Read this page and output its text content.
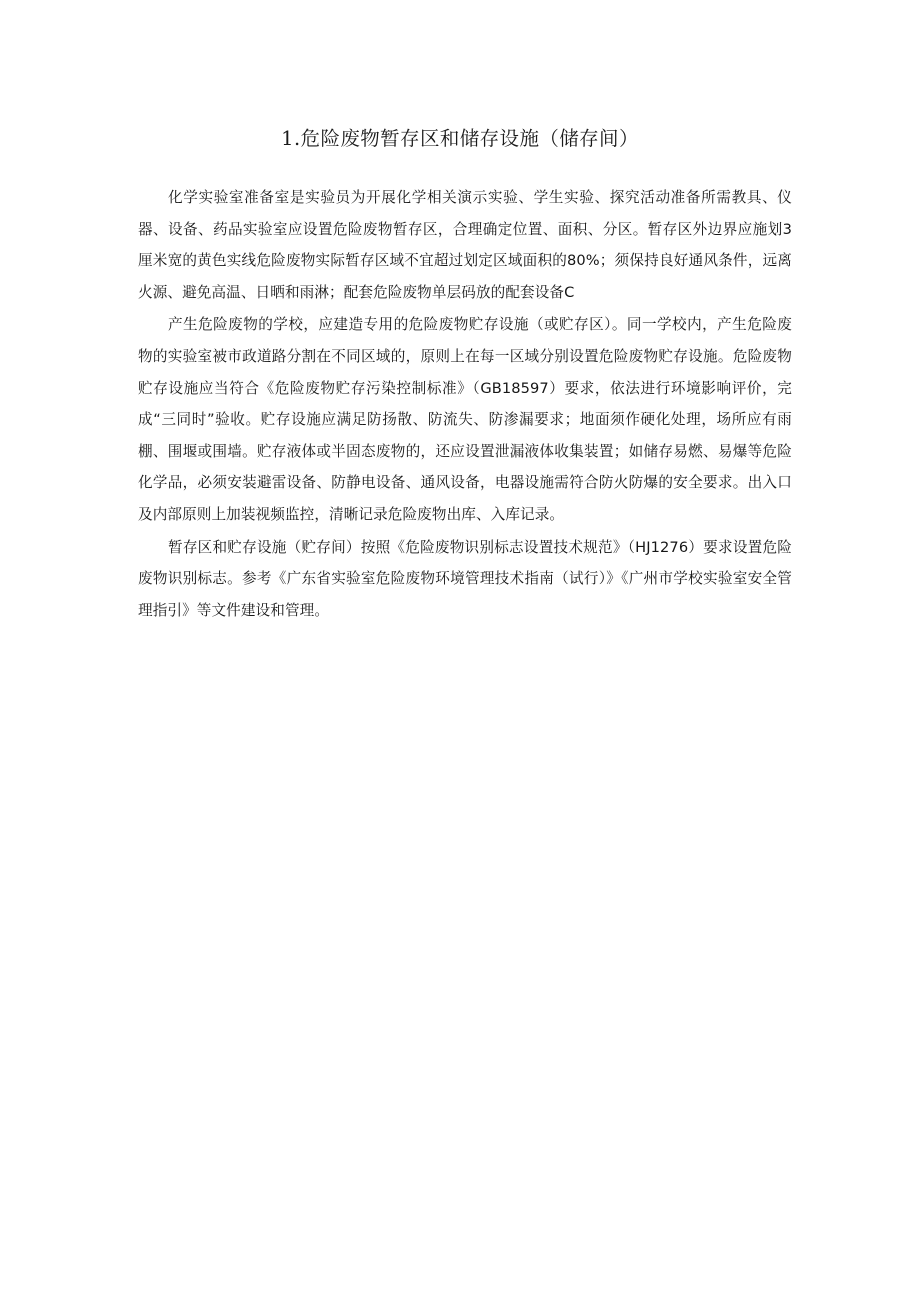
1.危险废物暂存区和储存设施（储存间）

化学实验室准备室是实验员为开展化学相关演示实验、学生实验、探究活动准备所需教具、仪器、设备、药品实验室应设置危险废物暂存区，合理确定位置、面积、分区。暂存区外边界应施划3厘米宽的黄色实线危险废物实际暂存区域不宜超过划定区域面积的80%；须保持良好通风条件，远离火源、避免高温、日晒和雨淋；配套危险废物单层码放的配套设备C

产生危险废物的学校，应建造专用的危险废物贮存设施（或贮存区）。同一学校内，产生危险废物的实验室被市政道路分割在不同区域的，原则上在每一区域分别设置危险废物贮存设施。危险废物贮存设施应当符合《危险废物贮存污染控制标准》（GB18597）要求，依法进行环境影响评价，完成“三同时”验收。贮存设施应满足防扬散、防流失、防渗漏要求；地面须作硬化处理，场所应有雨棚、围堰或围墙。贮存液体或半固态废物的，还应设置泄漏液体收集装置；如储存易燃、易爆等危险化学品，必须安装避雷设备、防静电设备、通风设备，电器设施需符合防火防爆的安全要求。出入口及内部原则上加装视频监控，清晰记录危险废物出库、入库记录。

暂存区和贮存设施（贮存间）按照《危险废物识别标志设置技术规范》（HJ1276）要求设置危险废物识别标志。参考《广东省实验室危险废物环境管理技术指南（试行）》《广州市学校实验室安全管理指引》等文件建设和管理。
